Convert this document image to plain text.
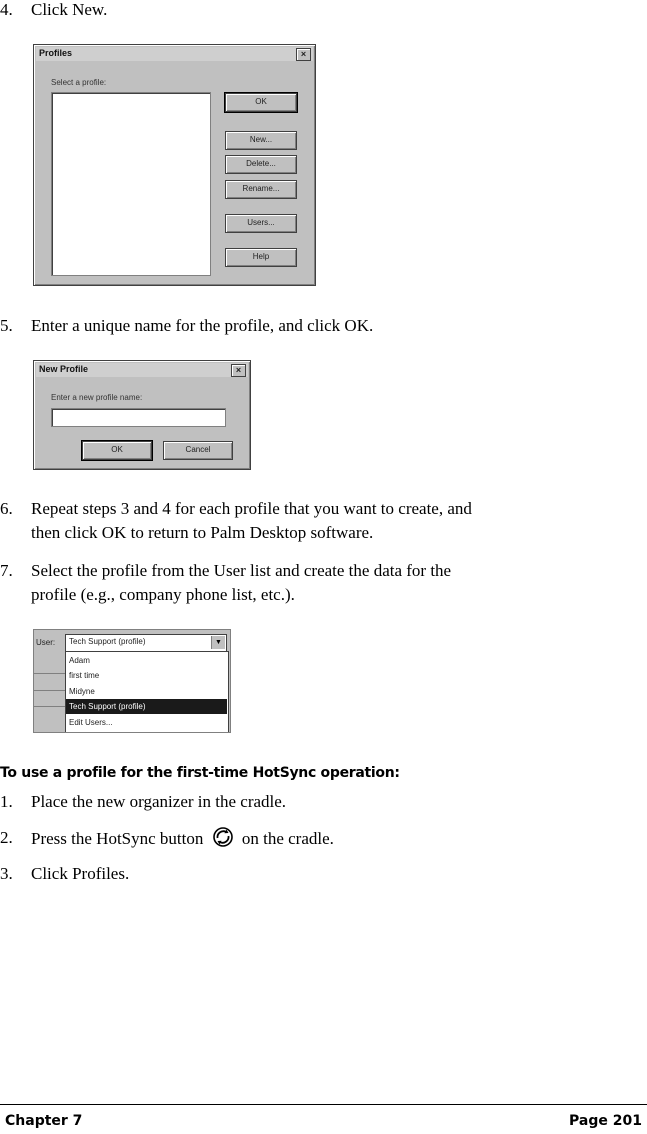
4.	Click New.
Profiles	×
Select a profile:
OK
New...
Delete...
Rename...
Users...
Help
5.	Enter a unique name for the profile, and click OK.
New Profile	×
Enter a new profile name:
OK	Cancel
6.	Repeat steps 3 and 4 for each profile that you want to create, and
then click OK to return to Palm Desktop software.
7.	Select the profile from the User list and create the data for the
profile (e.g., company phone list, etc.).
User: Tech Support (profile)	▼
Adam
first time
Midyne
Tech Support (profile)
Edit Users...
To use a profile for the first-time HotSync operation:
1.	Place the new organizer in the cradle.
2.	Press the HotSync button on the cradle.
3.	Click Profiles.
Chapter 7	Page 201
